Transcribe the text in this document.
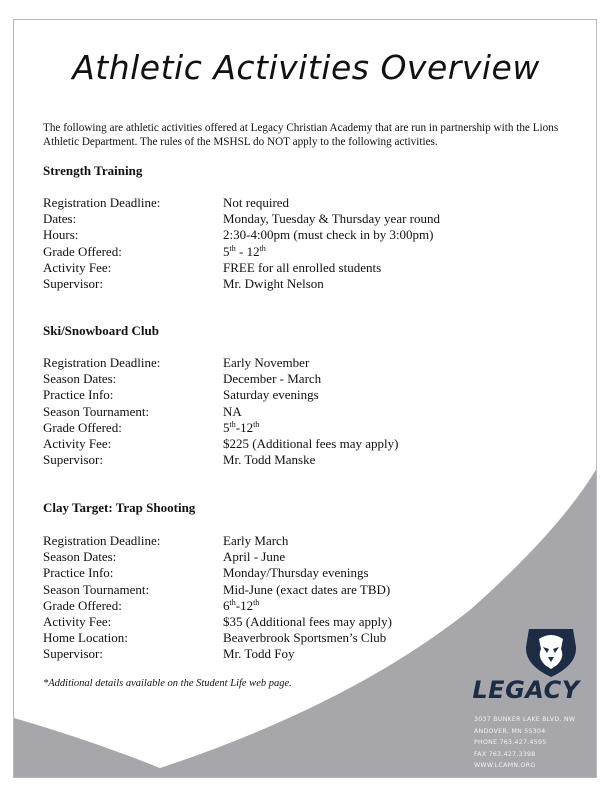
Athletic Activities Overview
The following are athletic activities offered at Legacy Christian Academy that are run in partnership with the Lions Athletic Department. The rules of the MSHSL do NOT apply to the following activities.
Strength Training
Registration Deadline:	Not required
Dates:	Monday, Tuesday & Thursday year round
Hours:	2:30-4:00pm (must check in by 3:00pm)
Grade Offered:	5th - 12th
Activity Fee:	FREE for all enrolled students
Supervisor:	Mr. Dwight Nelson
Ski/Snowboard Club
Registration Deadline:	Early November
Season Dates:	December - March
Practice Info:	Saturday evenings
Season Tournament:	NA
Grade Offered:	5th-12th
Activity Fee:	$225 (Additional fees may apply)
Supervisor:	Mr. Todd Manske
Clay Target: Trap Shooting
Registration Deadline:	Early March
Season Dates:	April - June
Practice Info:	Monday/Thursday evenings
Season Tournament:	Mid-June (exact dates are TBD)
Grade Offered:	6th-12th
Activity Fee:	$35 (Additional fees may apply)
Home Location:	Beaverbrook Sportsmen’s Club
Supervisor:	Mr. Todd Foy
*Additional details available on the Student Life web page.	LEGACY
3037 BUNKER LAKE BLVD. NW
ANDOVER, MN 55304
PHONE 763.427.4595
FAX 763.427.3398
WWW.LCAMN.ORG
